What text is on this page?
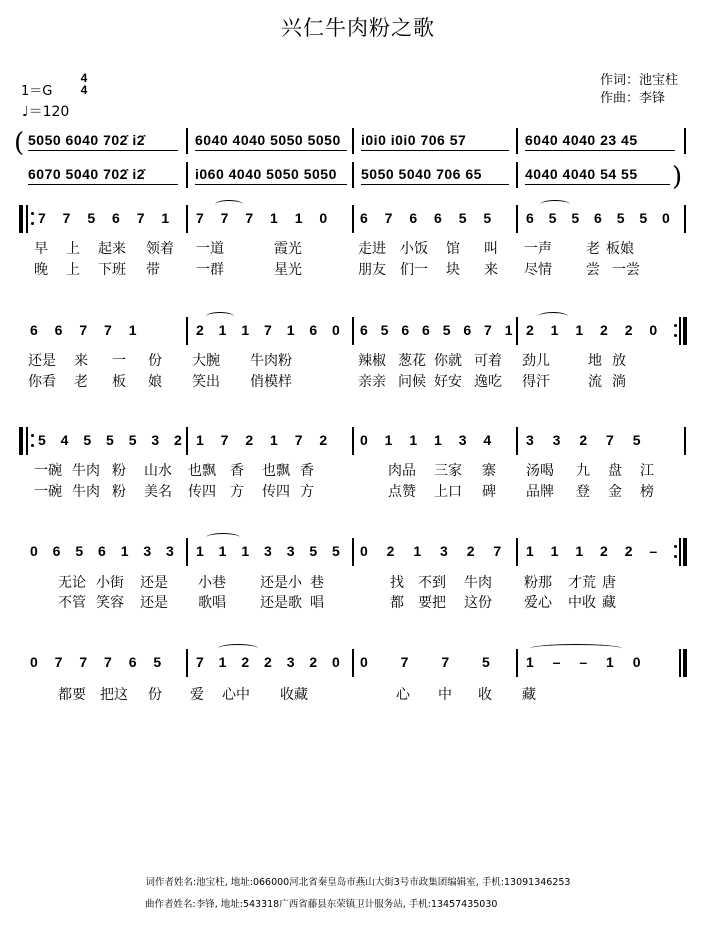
兴仁牛肉粉之歌
1＝G
4
4
♩＝120
作词：池宝柱
作曲：李锋
(
)
5050 6040 702̇ i2̇	6040 4040 5050 5050 i0i0 i0i0 706 57	6040 4040 23 45
6070 5040 702̇ i2̇	i060 4040 5050 5050 5050 5040 706 65	4040 4040 54 55
7 7 5 6 7 1 7 7 7 1 1 0 6 7 6 6 5 5 6 5 5 6 5 5 0
早 上 起来 领着 一道	霞光	走进 小饭 馆 叫 一声 老 板娘
晚 上 下班 带	一群	星光	朋友 们一 块 来 尽情 尝 一尝
6 6 7 7 1	2 1 1 7 1 6 0 6 5 6 6 5 6 7 1 2 1 1 2 2 0
还是 来 一 份 大腕 牛肉粉	辣椒 葱花 你就 可着 劲儿	地放
你看 老 板 娘 笑出 俏模样	亲亲 问候 好安 逸吃 得汗	流淌
5 4 5 5 5 3 2 1 7 2 1 7 2 0 1 1 1 3 4 3 3 2 7 5
一碗 牛肉 粉 山水 也飘 香 也飘 香	肉品 三家 寨 汤喝 九 盘 江
一碗 牛肉 粉 美名 传四 方 传四 方	点赞 上口 碑 品牌 登 金 榜
0 6 5 6 1 3 3 1 1 1 3 3 5 5 0 2 1 3 2 7 1 1 1 2 2 –
无论 小街 还是 小巷 还是小 巷	找 不到 牛肉 粉那 才荒 唐
不管 笑容 还是 歌唱 还是歌 唱	都 要把 这份 爱心 中收 藏
0 7 7 7 6 5 7 1 2 2 3 2 0 0 7 7 5	1 – – 1 0
都要 把这 份 爱 心中 收藏	心 中 收 藏
词作者姓名:池宝柱, 地址:066000河北省秦皇岛市燕山大街3号市政集团编辑室, 手机:13091346253
曲作者姓名:李锋, 地址:543318广西省藤县东荣镇卫计服务站, 手机:13457435030
